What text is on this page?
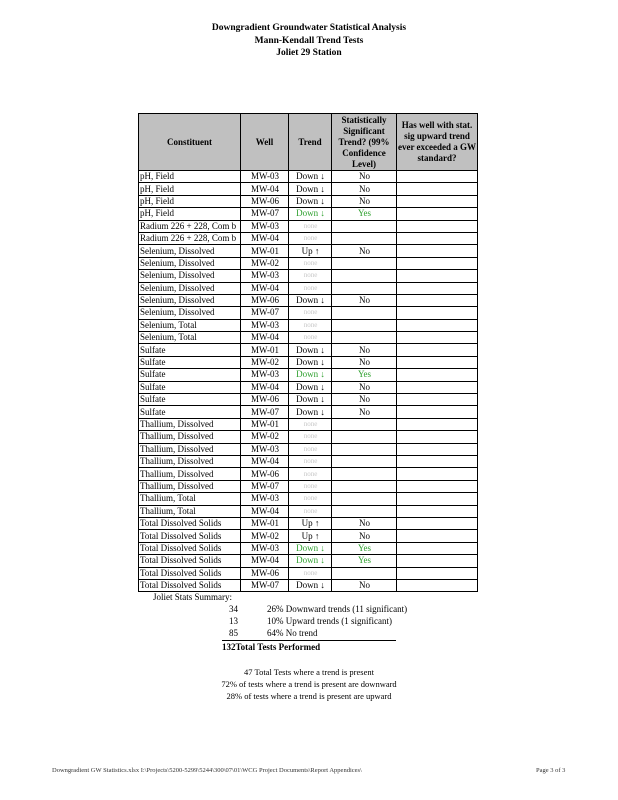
Downgradient Groundwater Statistical Analysis
Mann-Kendall Trend Tests
Joliet 29 Station
Constituent	Well	Trend	Statistically Significant Trend? (99% Confidence Level)	Has well with stat. sig upward trend ever exceeded a GW standard?
pH, Field	MW-03	Down ↓	No	
pH, Field	MW-04	Down ↓	No	
pH, Field	MW-06	Down ↓	No	
pH, Field	MW-07	Down ↓	Yes	
Radium 226 + 228, Com b	MW-03	none		
Radium 226 + 228, Com b	MW-04	none		
Selenium, Dissolved	MW-01	Up ↑	No	
Selenium, Dissolved	MW-02	none		
Selenium, Dissolved	MW-03	none		
Selenium, Dissolved	MW-04	none		
Selenium, Dissolved	MW-06	Down ↓	No	
Selenium, Dissolved	MW-07	none		
Selenium, Total	MW-03	none		
Selenium, Total	MW-04	none		
Sulfate	MW-01	Down ↓	No	
Sulfate	MW-02	Down ↓	No	
Sulfate	MW-03	Down ↓	Yes	
Sulfate	MW-04	Down ↓	No	
Sulfate	MW-06	Down ↓	No	
Sulfate	MW-07	Down ↓	No	
Thallium, Dissolved	MW-01	none		
Thallium, Dissolved	MW-02	none		
Thallium, Dissolved	MW-03	none		
Thallium, Dissolved	MW-04	none		
Thallium, Dissolved	MW-06	none		
Thallium, Dissolved	MW-07	none		
Thallium, Total	MW-03	none		
Thallium, Total	MW-04	none		
Total Dissolved Solids	MW-01	Up ↑	No	
Total Dissolved Solids	MW-02	Up ↑	No	
Total Dissolved Solids	MW-03	Down ↓	Yes	
Total Dissolved Solids	MW-04	Down ↓	Yes	
Total Dissolved Solids	MW-06	none		
Total Dissolved Solids	MW-07	Down ↓	No	
Joliet Stats Summary:
34	26% Downward trends (11 significant)
13	10% Upward trends (1 significant)
85	64% No trend
132Total Tests Performed
47 Total Tests where a trend is present
72% of tests where a trend is present are downward
28% of tests where a trend is present are upward
Downgradient GW Statistics.xlsx I:\Projects\5200-5299\5244\300\07\01\WCG Project Documents\Report Appendices\	Page 3 of 3
